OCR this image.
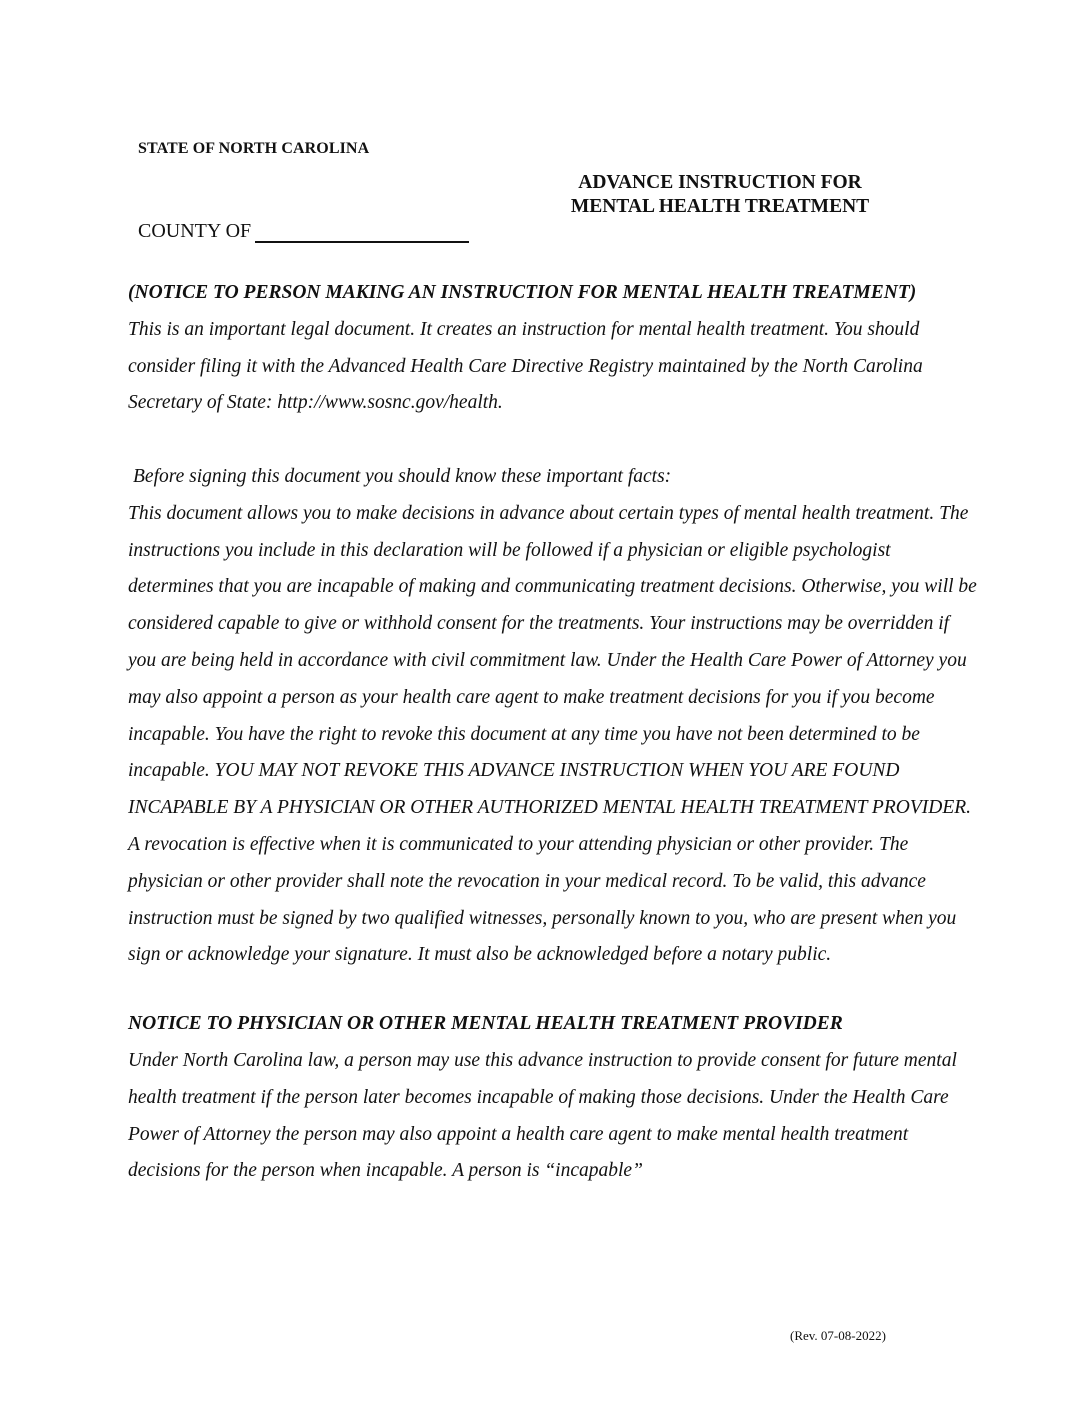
STATE OF NORTH CAROLINA
ADVANCE INSTRUCTION FOR
MENTAL HEALTH TREATMENT
COUNTY OF

(NOTICE TO PERSON MAKING AN INSTRUCTION FOR MENTAL HEALTH TREATMENT)

This is an important legal document. It creates an instruction for mental health treatment. You should consider filing it with the Advanced Health Care Directive Registry maintained by the North Carolina Secretary of State: http://www.sosnc.gov/health.

Before signing this document you should know these important facts:

This document allows you to make decisions in advance about certain types of mental health treatment. The instructions you include in this declaration will be followed if a physician or eligible psychologist determines that you are incapable of making and communicating treatment decisions. Otherwise, you will be considered capable to give or withhold consent for the treatments. Your instructions may be overridden if you are being held in accordance with civil commitment law. Under the Health Care Power of Attorney you may also appoint a person as your health care agent to make treatment decisions for you if you become incapable. You have the right to revoke this document at any time you have not been determined to be incapable. YOU MAY NOT REVOKE THIS ADVANCE INSTRUCTION WHEN YOU ARE FOUND INCAPABLE BY A PHYSICIAN OR OTHER AUTHORIZED MENTAL HEALTH TREATMENT PROVIDER. A revocation is effective when it is communicated to your attending physician or other provider. The physician or other provider shall note the revocation in your medical record. To be valid, this advance instruction must be signed by two qualified witnesses, personally known to you, who are present when you sign or acknowledge your signature. It must also be acknowledged before a notary public.

NOTICE TO PHYSICIAN OR OTHER MENTAL HEALTH TREATMENT PROVIDER

Under North Carolina law, a person may use this advance instruction to provide consent for future mental health treatment if the person later becomes incapable of making those decisions. Under the Health Care Power of Attorney the person may also appoint a health care agent to make mental health treatment decisions for the person when incapable. A person is “incapable”

(Rev. 07-08-2022)
